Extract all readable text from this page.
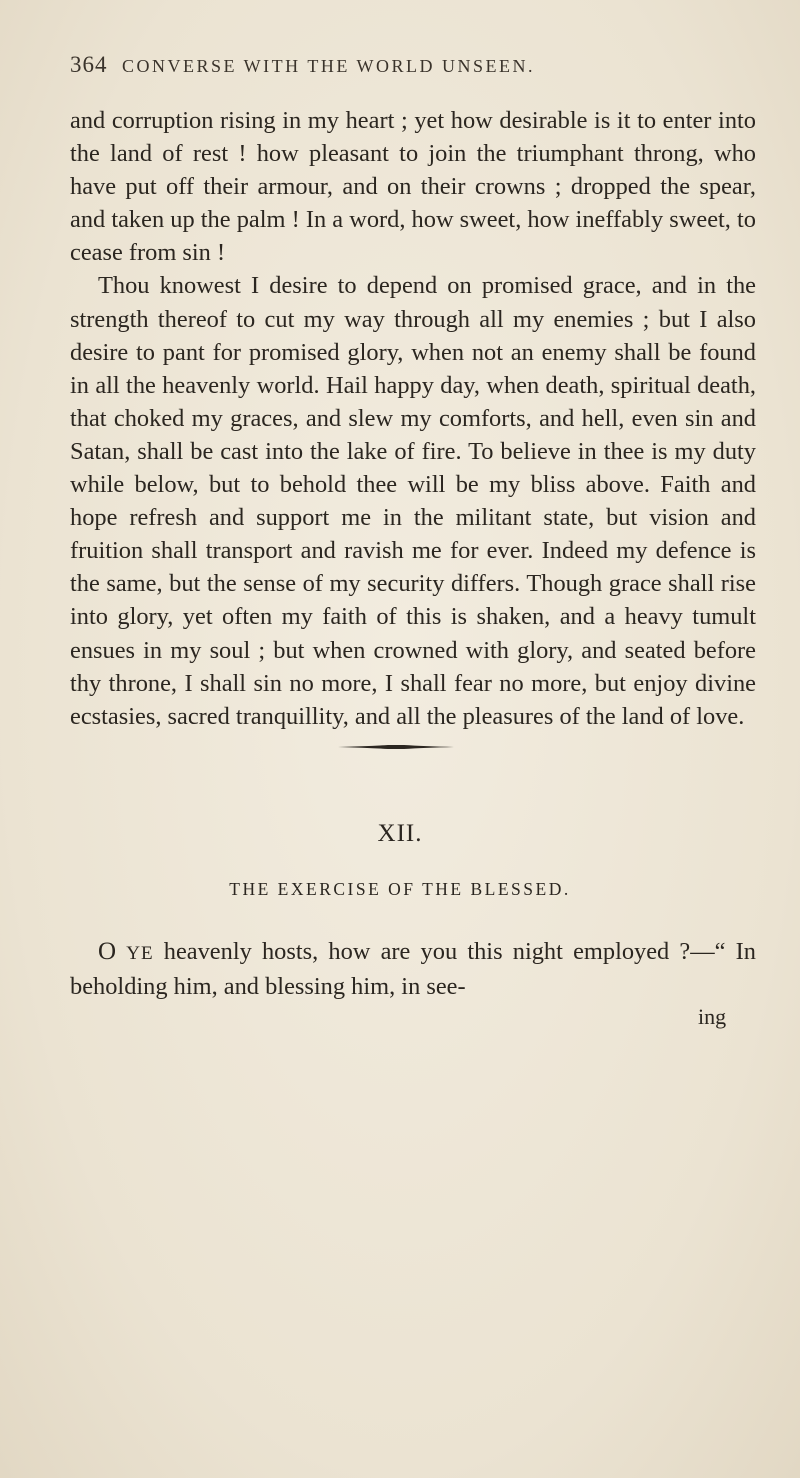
364 CONVERSE WITH THE WORLD UNSEEN.

and corruption rising in my heart ; yet how desirable is it to enter into the land of rest ! how pleasant to join the triumphant throng, who have put off their armour, and on their crowns ; dropped the spear, and taken up the palm ! In a word, how sweet, how ineffably sweet, to cease from sin !

Thou knowest I desire to depend on promised grace, and in the strength thereof to cut my way through all my enemies ; but I also desire to pant for promised glory, when not an enemy shall be found in all the heavenly world. Hail happy day, when death, spiritual death, that choked my graces, and slew my comforts, and hell, even sin and Satan, shall be cast into the lake of fire. To believe in thee is my duty while below, but to behold thee will be my bliss above. Faith and hope refresh and support me in the militant state, but vision and fruition shall transport and ravish me for ever. Indeed my defence is the same, but the sense of my security differs. Though grace shall rise into glory, yet often my faith of this is shaken, and a heavy tumult ensues in my soul ; but when crowned with glory, and seated before thy throne, I shall sin no more, I shall fear no more, but enjoy divine ecstasies, sacred tranquillity, and all the pleasures of the land of love.

XII.
THE EXERCISE OF THE BLESSED.

O YE heavenly hosts, how are you this night employed ?—“ In beholding him, and blessing him, in see-

ing
